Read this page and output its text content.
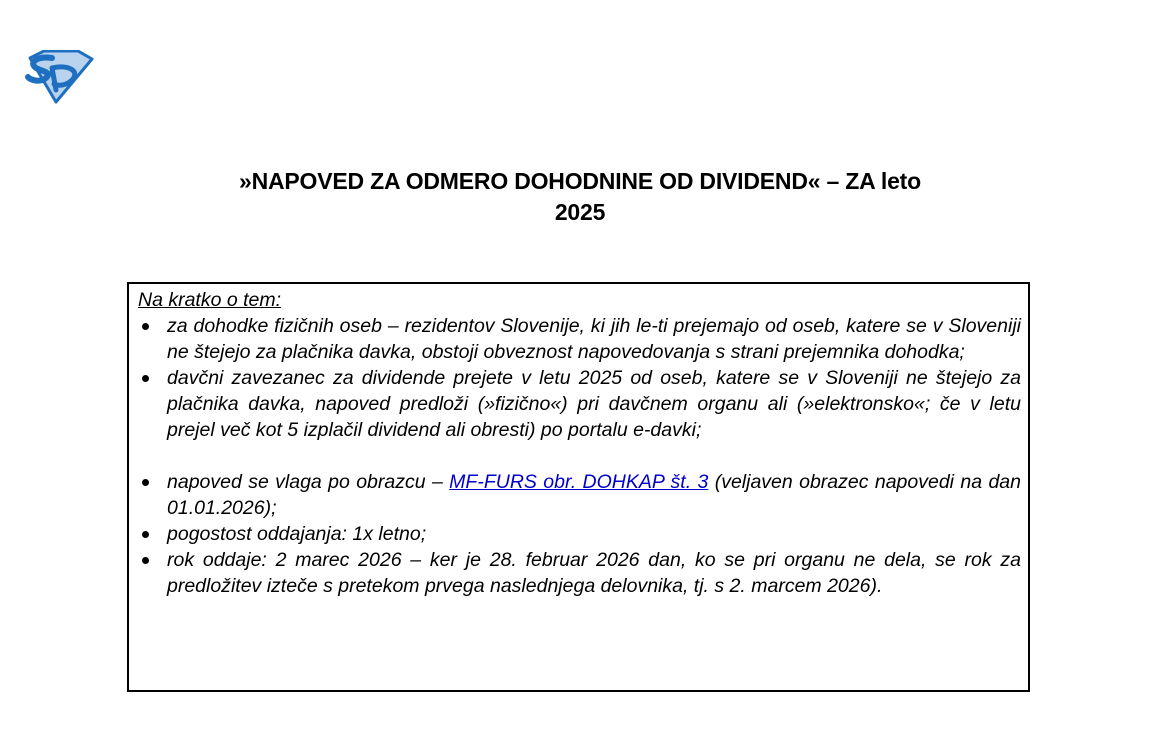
»NAPOVED ZA ODMERO DOHODNINE OD DIVIDEND« – ZA leto
2025
Na kratko o tem:
za dohodke fizičnih oseb – rezidentov Slovenije, ki jih le-ti prejemajo od oseb, katere se v Sloveniji ne štejejo za plačnika davka, obstoji obveznost napovedovanja s strani prejemnika dohodka;
davčni zavezanec za dividende prejete v letu 2025 od oseb, katere se v Sloveniji ne štejejo za plačnika davka, napoved predloži (»fizično«) pri davčnem organu ali (»elektronsko«; če v letu prejel več kot 5 izplačil dividend ali obresti) po portalu e-davki;
napoved se vlaga po obrazcu – MF-FURS obr. DOHKAP št. 3 (veljaven obrazec napovedi na dan 01.01.2026);
pogostost oddajanja: 1x letno;
rok oddaje: 2 marec 2026 – ker je 28. februar 2026 dan, ko se pri organu ne dela, se rok za predložitev izteče s pretekom prvega naslednjega delovnika, tj. s 2. marcem 2026).
